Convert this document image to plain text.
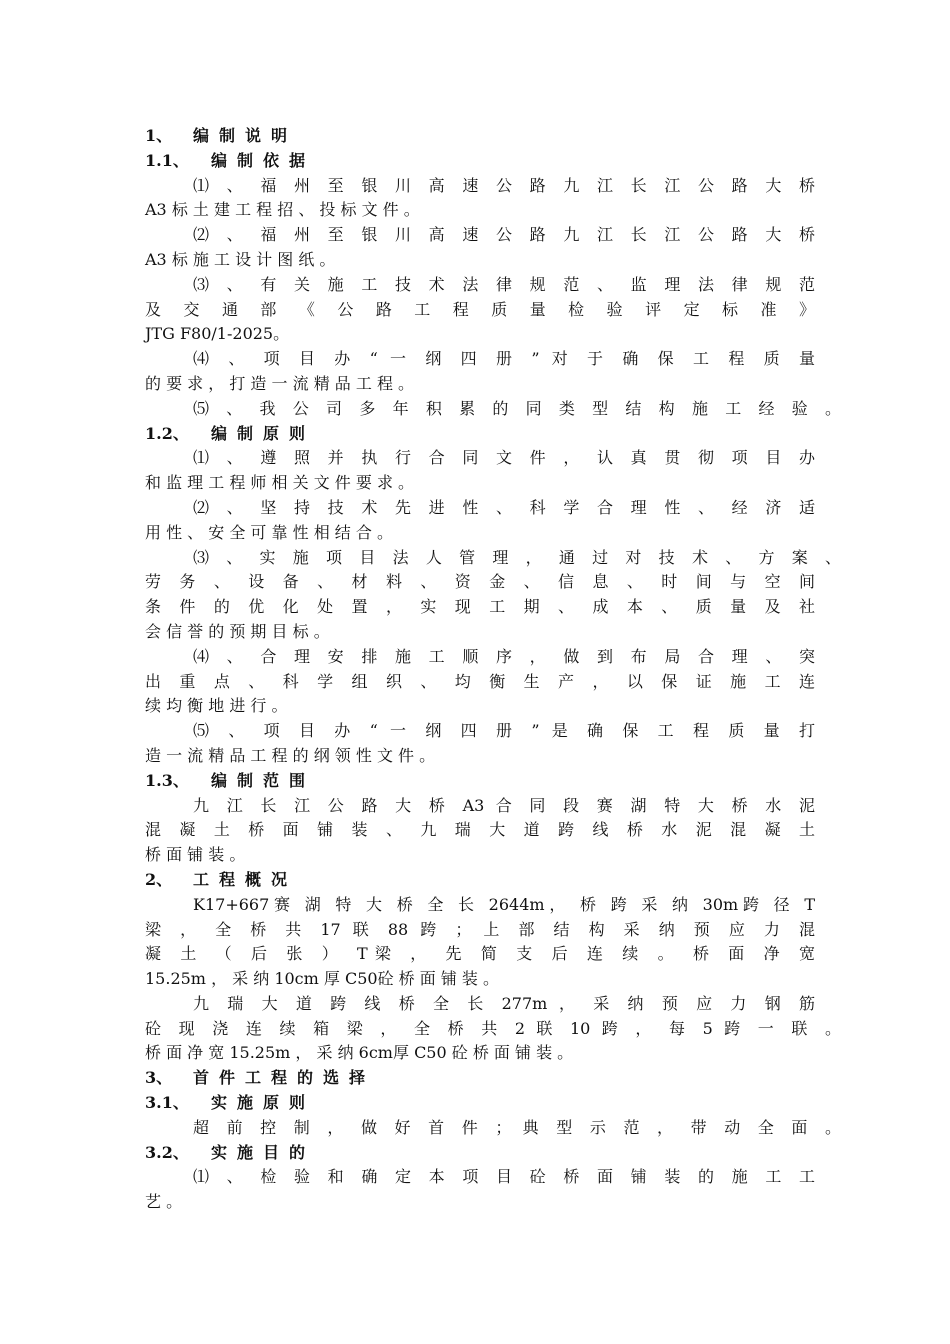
1、 编制说明
1.1、 编制依据
⑴ 、 福 州 至 银 川 高 速 公 路 九 江 长 江 公 路 大 桥
A3 标 土 建 工 程 招 、 投 标 文 件 。
⑵ 、 福 州 至 银 川 高 速 公 路 九 江 长 江 公 路 大 桥
A3 标 施 工 设 计 图 纸 。
⑶ 、 有 关 施 工 技 术 法 律 规 范 、 监 理 法 律 规 范
及 交 通 部 《 公 路 工 程 质 量 检 验 评 定 标 准 》
JTG F80/1-2025。
⑷ 、 项 目 办 “ 一 纲 四 册 ” 对 于 确 保 工 程 质 量
的 要 求 ， 打 造 一 流 精 品 工 程 。
⑸ 、 我 公 司 多 年 积 累 的 同 类 型 结 构 施 工 经 验 。
1.2、 编制原则
⑴ 、 遵 照 并 执 行 合 同 文 件 ， 认 真 贯 彻 项 目 办
和 监 理 工 程 师 相 关 文 件 要 求 。
⑵ 、 坚 持 技 术 先 进 性 、 科 学 合 理 性 、 经 济 适
用 性 、 安 全 可 靠 性 相 结 合 。
⑶ 、 实 施 项 目 法 人 管 理 ， 通 过 对 技 术 、 方 案 、
劳 务 、 设 备 、 材 料 、 资 金 、 信 息 、 时 间 与 空 间
条 件 的 优 化 处 置 ， 实 现 工 期 、 成 本 、 质 量 及 社
会 信 誉 的 预 期 目 标 。
⑷ 、 合 理 安 排 施 工 顺 序 ， 做 到 布 局 合 理 、 突
出 重 点 、 科 学 组 织 、 均 衡 生 产 ， 以 保 证 施 工 连
续 均 衡 地 进 行 。
⑸ 、 项 目 办 “ 一 纲 四 册 ” 是 确 保 工 程 质 量 打
造 一 流 精 品 工 程 的 纲 领 性 文 件 。
1.3、 编制范围
九 江 长 江 公 路 大 桥 A3 合 同 段 赛 湖 特 大 桥 水 泥
混 凝 土 桥 面 铺 装 、 九 瑞 大 道 跨 线 桥 水 泥 混 凝 土
桥 面 铺 装 。
2、 工程概况
K17+667赛 湖 特 大 桥 全 长 2644m， 桥 跨 采 纳 30m跨 径 T
梁 ， 全 桥 共 17 联 88 跨 ； 上 部 结 构 采 纳 预 应 力 混
凝 土 （ 后 张 ） T梁 ， 先 简 支 后 连 续 。 桥 面 净 宽
15.25m ， 采 纳 10cm 厚 C50砼 桥 面 铺 装 。
九 瑞 大 道 跨 线 桥 全 长 277m ， 采 纳 预 应 力 钢 筋
砼 现 浇 连 续 箱 梁 ， 全 桥 共 2 联 10 跨 ， 每 5 跨 一 联 。
桥 面 净 宽 15.25m ， 采 纳 6cm厚 C50 砼 桥 面 铺 装 。
3、 首件工程的选择
3.1、 实施原则
超 前 控 制 ， 做 好 首 件 ； 典 型 示 范 ， 带 动 全 面 。
3.2、 实施目的
⑴ 、 检 验 和 确 定 本 项 目 砼 桥 面 铺 装 的 施 工 工
艺 。
